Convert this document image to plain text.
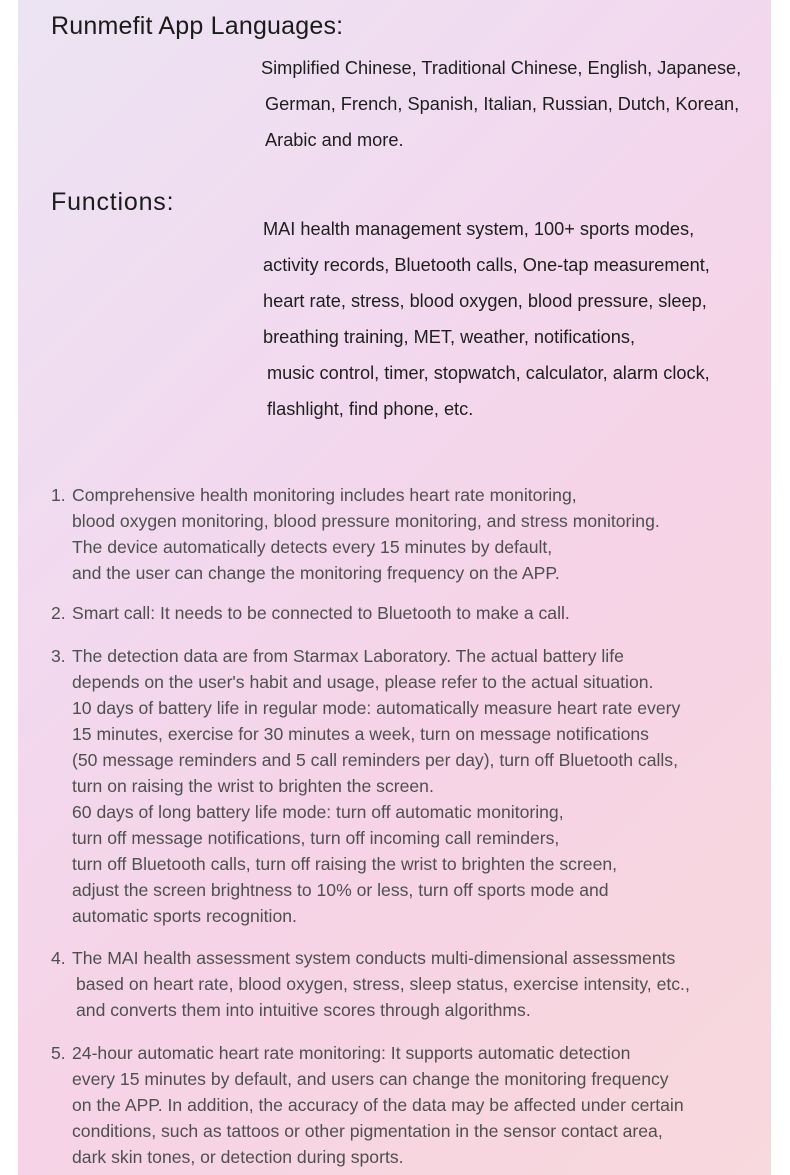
Runmefit App Languages:

Simplified Chinese, Traditional Chinese, English, Japanese,

German, French, Spanish, Italian, Russian, Dutch, Korean,

Arabic and more.

Functions:

MAI health management system, 100+ sports modes,

activity records, Bluetooth calls, One-tap measurement,

heart rate, stress, blood oxygen, blood pressure, sleep,

breathing training, MET, weather, notifications,

music control, timer, stopwatch, calculator, alarm clock,

flashlight, find phone, etc.

1. Comprehensive health monitoring includes heart rate monitoring,
blood oxygen monitoring, blood pressure monitoring, and stress monitoring.
The device automatically detects every 15 minutes by default,
and the user can change the monitoring frequency on the APP.
2. Smart call: It needs to be connected to Bluetooth to make a call.
3. The detection data are from Starmax Laboratory. The actual battery life
depends on the user's habit and usage, please refer to the actual situation.
10 days of battery life in regular mode: automatically measure heart rate every
15 minutes, exercise for 30 minutes a week, turn on message notifications
(50 message reminders and 5 call reminders per day), turn off Bluetooth calls,
turn on raising the wrist to brighten the screen.
60 days of long battery life mode: turn off automatic monitoring,
turn off message notifications, turn off incoming call reminders,
turn off Bluetooth calls, turn off raising the wrist to brighten the screen,
adjust the screen brightness to 10% or less, turn off sports mode and
automatic sports recognition.
4. The MAI health assessment system conducts multi-dimensional assessments
based on heart rate, blood oxygen, stress, sleep status, exercise intensity, etc.,
and converts them into intuitive scores through algorithms.
5. 24-hour automatic heart rate monitoring: It supports automatic detection
every 15 minutes by default, and users can change the monitoring frequency
on the APP. In addition, the accuracy of the data may be affected under certain
conditions, such as tattoos or other pigmentation in the sensor contact area,
dark skin tones, or detection during sports.
